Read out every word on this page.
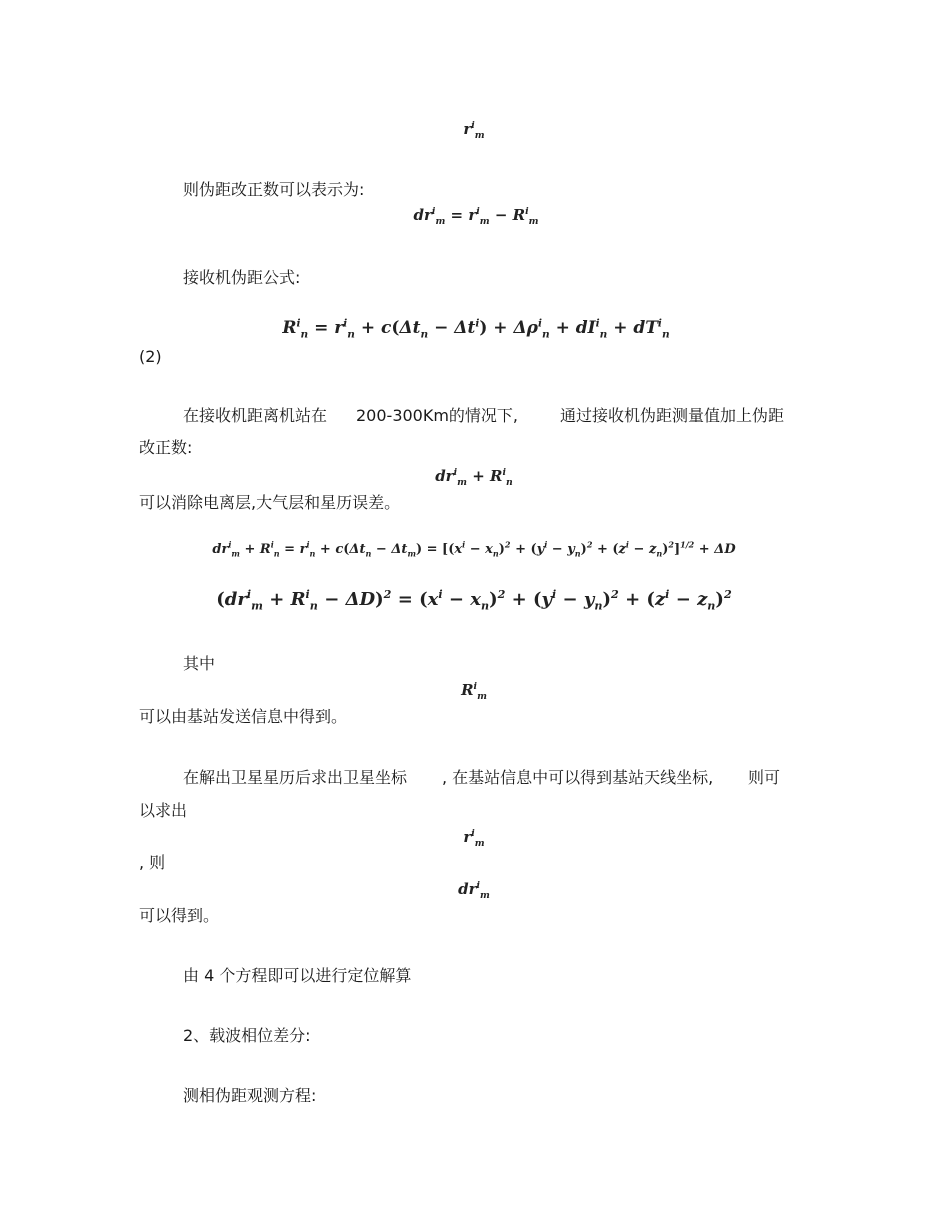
$r^i_m$
则伪距改正数可以表示为:
$dr^i_m = r^i_m - R^i_m$
接收机伪距公式:
$R^i_n = r^i_n + c(\Delta t_n - \Delta t^i) + \Delta\rho^i_n + dI^i_n + dT^i_n$
(2)
在接收机距离机站在 200-300Km的情况下,	通过接收机伪距测量值加上伪距
改正数:
$dr^i_m + R^i_n$
可以消除电离层,大气层和星历误差。
$dr^i_m + R^i_n = r^i_n + c(\Delta t_n - \Delta t_m) = [(x^i - x_n)^2 + (y^i - y_n)^2 + (z^i - z_n)^2]^{1/2} + \Delta D$
$(dr^i_m + R^i_n - \Delta D)^2 = (x^i - x_n)^2 + (y^i - y_n)^2 + (z^i - z_n)^2$
其中
$R^i_m$
可以由基站发送信息中得到。
在解出卫星星历后求出卫星坐标 , 在基站信息中可以得到基站天线坐标, 则可
以求出
$r^i_m$
, 则
$dr^i_m$
可以得到。
由 4 个方程即可以进行定位解算
2、载波相位差分:
测相伪距观测方程:
